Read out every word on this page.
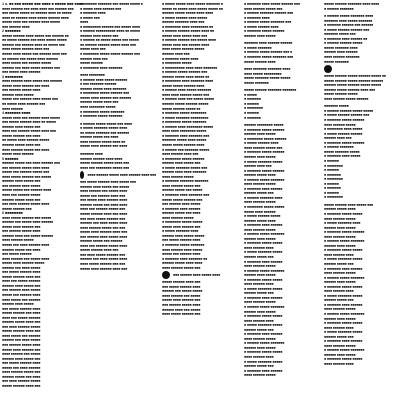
1 a. ■■ ■■■ ■■■■■ ■■■ ■■■■ ■ ■■■■■ ■■■ ■■■■
■■■■ ■■■■■■ ■■■ ■■■■ ■■■■ ■■■ ■■■■■■ ■■■
■■■ ■■■■■ ■■■■■ ■■ ■■■■■■ ■■■■ ■■ ■■■■■
■■■■ ■■ ■■■■■■ ■■■■ ■■■■■ ■■■■■■ ■■■■
■■■■■ ■■■■ ■■■ ■■■■■■ ■■■■ ■■■■■
■■■ ■■■■■■ ■■■■
2 ■■■■■■■
■■■■■ ■■■■■■ ■■■■ ■■■■■ ■■■ ■■■■■■ ■■
■■ ■■■■■ ■■■■■■ ■■■ ■■■■ ■■■■■ ■■■■■
■■■■■■ ■■■ ■■■■■■ ■■■■ ■■ ■■■■■ ■■■
■■■■ ■■■■■ ■■■■■■ ■■■■ ■■■
■■■■■ ■■■■ ■■■■■ ■■■ ■■■■■■ ■■■■ ■■■
■■ ■■■■■■ ■■■ ■■■■■ ■■■■ ■■■■■■
■■■■ ■■■■■ ■■■ ■■■■■■ ■■■■■
■■■■■■ ■■■ ■■■■ ■■■■■ ■■■■■■ ■■■
■■■ ■■■■■ ■■■■ ■■■■■■
3 ■■■■■■■■
■■■■ ■■■■■■ ■■■■ ■■■■■ ■■■ ■■■■■■
■■■■■ ■■■■ ■■■■■■ ■■■ ■■■■
■■■ ■■■■■■ ■■■■■ ■■■■
■■■■■■ ■■■■ ■■■■■
■■■■■ ■■■ ■■■■■■ ■■■■ ■■■■■ ■■■
■■ ■■■■■ ■■■■ ■■■■■■ ■■■
■■■■ ■■■■■■
4 ■■■■■■■ ■■■■
■■■■■ ■■■■ ■■■ ■■■■■■ ■■■■ ■■■■■
■■■ ■■■■■ ■■■■■■ ■■■■ ■■ ■■■■■
■■■■■■ ■■■■ ■■■■■ ■■■
■■■■ ■■■ ■■■■■■ ■■■■■ ■■■■ ■■■
■■■■■ ■■■■■■ ■■■ ■■■■
■■ ■■■■■ ■■■■ ■■■■■■ ■■■■■
■■■■■■ ■■■■■ ■■■■ ■■■
■■■■ ■■■■■■ ■■■■■ ■■■ ■■■■
■■■■■ ■■■■ ■■■■■■
5 ■■■■■■
■■■■■■ ■■■■■ ■■■ ■■■■ ■■■■■■ ■■■
■■■ ■■■■■■ ■■■■■ ■■■■ ■■■■
■■■■■ ■■■ ■■■■■■ ■■■■■ ■■■
■■■■ ■■■■■ ■■■■■■ ■■■ ■■■■■
■■■■■■ ■■■■ ■■■■■ ■■■
■■■ ■■■■■■ ■■■■ ■■■■■
■■■■■ ■■■■■ ■■■ ■■■■■■ ■■■■
■■■■ ■■■ ■■■■■■ ■■■■■
■■■■■■ ■■■■■ ■■■■ ■■■
■■■ ■■■■ ■■■■■■ ■■■■■ ■■■■
■■■■■ ■■■■■■ ■■■
6 ■■■■■■■■
■■■■ ■■■■■ ■■■■■■ ■■■ ■■■■■
■■■■■■ ■■■ ■■■■■ ■■■■ ■■■■■■
■■■■■ ■■■■ ■■■■■■ ■■■
■■■ ■■■■■■ ■■■■■ ■■■■
■■■■■■ ■■■■ ■■■ ■■■■■ ■■■■■■
■■■■ ■■■■■■ ■■■■■
■■■■■ ■■■ ■■■■ ■■■■■■ ■■■■
■■■■■■ ■■■■■ ■■■ ■■■■
■■■ ■■■■■ ■■■■■■
■■■■ ■■■■■■ ■■■ ■■■■■ ■■■■
■■■■■ ■■■■ ■■■■■■ ■■■■■
■■■■■■ ■■■ ■■■■ ■■■■■
■■■ ■■■■■ ■■■■■■ ■■■■
■■■■■ ■■■■■■ ■■■■ ■■■
■■■■ ■■■ ■■■■■ ■■■■■■
■■■■■■ ■■■■ ■■■■■ ■■■
■■■ ■■■■■■ ■■■■ ■■■■■
■■■■■ ■■■ ■■■■■■ ■■■■
■■■■ ■■■■■ ■■■ ■■■■■■
■■■■■■ ■■■■ ■■■■■
■■■ ■■■■■ ■■■■■■ ■■■■
■■■■■ ■■■■■■ ■■■ ■■■■
■■■■ ■■■ ■■■■■ ■■■■■■
■■■■■■ ■■■■■ ■■■■ ■■■
■■■ ■■■■ ■■■■■■ ■■■■■
■■■■■ ■■■■■■ ■■■■ ■■■
■■■■ ■■■■■ ■■■ ■■■■■■
■■■■■■ ■■■ ■■■■ ■■■■■
■■■ ■■■■■■ ■■■■■ ■■■■
■■■■■ ■■■■ ■■■■■■ ■■■
■■■■ ■■■■■■ ■■■ ■■■■■
■■■■■■ ■■■■ ■■■■■ ■■■
■■■ ■■■■■ ■■■■■■ ■■■■
■■■■■ ■■■ ■■■■ ■■■■■■
■■■■ ■■■■■■ ■■■■■ ■■■
■■■■■■ ■■■■■ ■■■ ■■■■
■■■ ■■■■ ■■■■■■ ■■■■■
■■■■■ ■■■■■■ ■■■■ ■■■
■ ■■■■■■■ ■■■■■■■ ■■■ ■■■■■ ■■■■■ ■
■ ■■■■■ ■■■■ ■■■■■■ ■■■
■ ■■■■■■■ ■■■■
■ ■■■■■ ■■■
■■■■
■ ■■■■■■■■■ ■■■■■■ ■■■ ■■■■■ ■■■■
■ ■■■■■■ ■■■■■■■■■■ ■■■■ ■■ ■■■■■
■■■■■■ ■■■■ ■■■■■ ■■■
■ ■■■■■■ ■■ ■■■■■ ■■■■■ ■■■ ■■■■■
■■ ■■■■■■ ■■■■■■ ■■■■■ ■■■■ ■■■
■■■■■ ■■■■ ■■■
■ ■■■■■■■■ ■■■■■ ■■■■■ ■■■■■■ ■■■
■■■■■■ ■■■■ ■■■
■■■■■ ■■■■■■
■ ■■■■■■■■ ■■■■ ■■■■■■■
■■■■ ■■■■■■■■
■ ■■■■■■ ■■■■ ■■■■■ ■■■■■■
■ ■■■ ■■■■■■■ ■■■■■■
■■■■■■ ■■■■■ ■■■■ ■■■■■■■
■ ■■■■■■■■ ■■■■■ ■■■■■■ ■■■
■■■■■ ■■■■ ■■■■■■ ■■■ ■■■■■■
■■■■■■ ■■■■■ ■■■■ ■■■
■■■■ ■■■■■■■■ ■■■■■
■ ■■■■■■■■ ■■■■■ ■■■■■■■
■ ■■■■■■■ ■■■■■ ■■■■■■■
■ ■■■■■■ ■■■■■ ■■■■■ ■■■ ■■■■
■ ■■■■■ ■■■■■■■ ■■■■■ ■■■■
■■ ■■■■■ ■■■■■■■ ■■■ ■■■■■■
■■■■■■ ■■■■■ ■■■ ■■■■
■■■■ ■■■■■■ ■■■■■ ■■■■ ■■
■■■■■ ■■■■ ■■■■■■ ■■■ ■■■■
■■■■■■■ ■■■■
■■■■■■ ■■■■■■ ■■■■ ■■■■
■■■■■ ■■■■■■ ■■■■■ ■■■■ ■■■
■■■■ ■■■ ■■■■■■■■ ■■■■■ ■■■
■■■■ ■■■■■■ ■■■■■ ■■■■ ■■■■■■ ■■■■ ■■■
■■■ ■■■■■ ■■■■■■ ■■■■ ■■■■■ ■■■
■■■■■■ ■■■■ ■■■■■ ■■■ ■■■■■
■■■■ ■■■■■■ ■■■ ■■■■■ ■■■■
■■■■■ ■■■ ■■■■■■ ■■■■ ■■■
■■■ ■■■■■ ■■■■ ■■■■■■ ■■■■
■■■■■■ ■■■■■ ■■■ ■■■■ ■■■■
■■■■ ■■■ ■■■■■■ ■■■■■ ■■■
■■■■■ ■■■■■■ ■■■■ ■■■ ■■■■
■■■ ■■■■ ■■■■■ ■■■■■■ ■■■
■■■■■■ ■■■ ■■■■ ■■■■■ ■■■■
■■■■ ■■■■■■ ■■■■■ ■■■ ■■■
■■■■■ ■■■■ ■■■■■■ ■■■■ ■■■
■■■ ■■■■■■ ■■■■ ■■■■■ ■■■■
■■■■■■ ■■■■■ ■■■ ■■■■■■
■■■■ ■■■ ■■■■■■ ■■■■■ ■■■■
■■■■■ ■■■■■■ ■■■■ ■■■
■■■ ■■■■ ■■■■■ ■■■■■■ ■■■
■■■■■■ ■■■ ■■■■ ■■■■■ ■■■■
■■■■ ■■■■■ ■■■■■■ ■■■ ■■■
■■■■■ ■■■■ ■■■■■■ ■■■■ ■■■
■ ■■■■■ ■■■■■ ■■■■ ■■■■■ ■■■■■■■ ■
■■■■■ ■■ ■■■■■ ■■■■ ■■■■■ ■■■■■ ■■
■■■■■■ ■■■■■ ■■■■■ ■■■■ ■■■■
■ ■■■■■ ■■■■■■ ■■■■ ■■■■■
■■■■■■ ■■■■■■■ ■■■■ ■■■
■ ■■■■■■■■ ■■■■ ■■■■■■■■■ ■■
■ ■■■■■■ ■■■■■■ ■■■■■ ■■■■ ■■
■■■■■ ■■■■ ■■■■■ ■■■■ ■■■
■ ■■■■■■ ■■■■■■ ■■■ ■■■■■ ■■■■
■■■■■ ■■■■ ■■■ ■■■■■■ ■■■■
■■■■ ■■■■■ ■■■■■■ ■■■■■
■■■■■■ ■■■■ ■■■
■ ■■■■■■■ ■■■■■ ■■■■
■ ■■■■■■■■ ■■■■■
■ ■■■■■■■■■■ ■■■■ ■■■■ ■■■■■■■
■ ■■■■■■ ■■■■■ ■■■■■■ ■■■
■■■■■■ ■■■■■ ■■■■ ■■■■■ ■■
■ ■■■■■■■■ ■■■■ ■■■■■■■ ■■■■
■■■■■ ■■■■■ ■■■■■■ ■■■■
■ ■■■■■■ ■■■■ ■■■■■ ■■■■■■■
■■■■ ■■■■ ■■■■■■ ■■■■■ ■■■
■ ■■■■■■ ■■■■ ■■■ ■■■■■ ■■■■■
■■■■■■ ■■■■■ ■■■■■■ ■■■■■
■■■■■ ■■■■■■ ■■■■■ ■■
■ ■■■■■■■ ■■■■■ ■■■■■■■■
■ ■■■■■ ■■■■■■■ ■■■■■■■■■
■ ■■■■■■■■ ■■■■■ ■■■■■■■
■ ■■■■■■ ■■■■ ■■■■■■■■ ■■■■■
■■■■ ■■■■ ■■■■■■■■ ■■■■■
■ ■■■■■■■ ■■■■ ■■■■■■■ ■■■
■■■■■■■ ■■■■■ ■■■■ ■■■■■
■■■■■ ■■■■■ ■■■■■■ ■■■■
■ ■■■■■■ ■■■ ■■■■■■■ ■■■■■
■■■■ ■■■■■■ ■■■■ ■■■
■ ■■■■■■■■ ■■■■■ ■■■■■■
■■■■■■ ■■■■ ■■■■■ ■■■
■ ■■■■■ ■■■■■■■ ■■■■■ ■■■
■■■■■■ ■■■■ ■■■■ ■■■■■■■
■■■■ ■■■■■■ ■■■■■
■ ■■■■■■■ ■■■■■■■ ■■■■■■■
■■■■ ■■■■■■ ■■■■■ ■■■
■■■■■■ ■■■■■ ■■■ ■■■■■
■ ■■■■■■■ ■■■■ ■■■■■■■ ■■■
■■■■■ ■■■■■ ■■■■■■ ■■■
■■■ ■■■■■■ ■■■■ ■■■■■
■ ■■■■■■■ ■■■■ ■■■■■■
■■■■■■ ■■■■■ ■■■ ■■■■
■■■■ ■■■■■■ ■■■■■
■ ■■■■■■■■ ■■■■■ ■■■■■
■■■■■ ■■■■ ■■■■■■ ■■■
■ ■■■■■ ■■■■■■■ ■■■■
■■■■■■ ■■■■ ■■■■■ ■■■■■
■■■ ■■■■■ ■■■■■■ ■■■■
■ ■■■■■■■ ■■■■■ ■■■■■■■
■■■■ ■■■■■■ ■■■■ ■■■■■
■■■■■ ■■■ ■■■■■■ ■■■■
■ ■■■■■■■ ■■■■ ■■■■■■■ ■■
■■■■■■ ■■■■■ ■■■■ ■■■■
■■■■ ■■■■■■ ■■■■■ ■■■
■■■ ■■■■■■ ■■■■ ■■■■■ ■■■■
■■■■■ ■■■■■■ ■■■■ ■■■
■■■ ■■■■■ ■■■■■■ ■■■■
■■■■■■ ■■■ ■■■■■ ■■■■■
■■■■ ■■■■■■ ■■■ ■■■■■
■■■■■ ■■■■ ■■■■■■ ■■■
■■■ ■■■■■■ ■■■■■ ■■■■
■■■■■■ ■■■■ ■■■ ■■■■■
■■■■ ■■■■■ ■■■■■■ ■■■
■ ■■■■■■■ ■■■■ ■■■■■ ■■■■■■ ■■■
■■■■ ■■■■■■ ■■■■■ ■■■
■ ■■■■■■ ■■■■■■■ ■■■■■■ ■■■
■ ■■■■■■■ ■■■■
■ ■■■■■■ ■■■■■ ■■■■■■■ ■■■
■ ■■■■■ ■■■■■■ ■■■■
■ ■■■■■■■ ■■■■■ ■■■■■■
■■■■■■ ■■■■ ■■■■■
■■■■■■■ ■■■■ ■■■■■■ ■■■■■■
■ ■■■■■ ■■■■■■■
■ ■■■■■■ ■■■■■ ■■■■■■ ■■■ ■
■ ■■■■■■■ ■■■■■ ■■■■■■■ ■■■
■■■■■ ■■■■■■ ■■■■
■■■■ ■■■■■■■ ■■■■■■■ ■■■■
■■■■ ■■■■■ ■■■■■■■■■
■■■■■ ■■■■■■■ ■■■■■ ■■■■■
■■■■■ ■■■■■■■
■■■■■ ■■■■■■ ■■■■■■■ ■■■■■■■
■ ■■■■■
■ ■■■■■■■
■ ■■■■■■
■ ■■■■■■■■
■ ■■■■■■
■ ■■■■■■■
■■■■■■ ■■■■■■■■ ■■■■■
■ ■■■■■■■ ■■■■■ ■■■■■■
■■■■■■ ■■■■ ■■■■■
■ ■■■■■■■■ ■■■■■ ■■■■■■
■ ■■■■■ ■■■■■■ ■■■■
■■■■ ■■■■■■ ■■■■■ ■■■
■ ■■■■■■■ ■■■■■ ■■■■■■
■■■■■■ ■■■■ ■■■■■
■ ■■■■■ ■■■■■■■ ■■■■■
■■■■■■ ■■■■ ■■■
■ ■■■■■■■ ■■■■■ ■■■■■■
■■■■■■ ■■■■■ ■■■■
■ ■■■■■■ ■■■■■ ■■■■■■■
■■■■ ■■■■■■ ■■■■■
■ ■■■■■■■ ■■■■ ■■■■■■
■■■■■■ ■■■■■ ■■■
■ ■■■■■■ ■■■■■■■ ■■■■
■■■■ ■■■■■■ ■■■■■
■ ■■■■■■■■ ■■■■■ ■■■■■
■■■■■ ■■■■ ■■■■■■
■ ■■■■■ ■■■■■■ ■■■■■
■■■■■■ ■■■■■ ■■■■
■ ■■■■■■■ ■■■■ ■■■■■■
■■■■ ■■■■■■ ■■■■■
■ ■■■■■■ ■■■■■ ■■■■■■■
■■■■■■ ■■■■ ■■■■■
■ ■■■■■■■ ■■■■■ ■■■■■
■■■■ ■■■■■■ ■■■■
■ ■■■■■ ■■■■■■■ ■■■■■
■■■■■■ ■■■■■ ■■■
■ ■■■■■■■ ■■■■ ■■■■■■
■■■■ ■■■■■■ ■■■■■
■ ■■■■■■ ■■■■■ ■■■■■■■
■■■■■■ ■■■■ ■■■■■
■ ■■■■■■■ ■■■■■ ■■■■■
■■■■ ■■■■■■ ■■■■
■ ■■■■■ ■■■■■■■ ■■■■■
■■■■■■ ■■■■■ ■■■
■ ■■■■■■■ ■■■■ ■■■■■■
■■■■ ■■■■■■ ■■■■■
■ ■■■■■■ ■■■■■ ■■■■■■■
■■■■■■ ■■■■ ■■■■■
■ ■■■■■■■ ■■■■■ ■■■■■
■■■■ ■■■■■■ ■■■■
■ ■■■■■ ■■■■■■■ ■■■■■
■■■■■■ ■■■■■ ■■■
■ ■■■■■■■ ■■■■ ■■■■■■
■■■■ ■■■■■■ ■■■■■
■ ■■■■■■ ■■■■■ ■■■■■■■
■■■■■■ ■■■■ ■■■■■
■ ■■■■■■■ ■■■■■ ■■■■■
■■■■ ■■■■■■ ■■■■
■ ■■■■■ ■■■■■■■ ■■■■■
■■■■■■ ■■■■■ ■■■
■ ■■■■■■■ ■■■■ ■■■■■■
■■■■ ■■■■■■ ■■■■■
■■■■■ ■■■■■■ ■■■■■■■ ■■■■ ■■■■
■ ■■■■■■ ■■■■■■■
■ ■■■■■■ ■■■■■ ■■■■■■■ ■■■■
■■■■■■■ ■■■■ ■■■■■ ■■■■■■■
■ ■■■■■■■ ■■■■■■ ■■■ ■■■■■■
■ ■■■■■ ■■■■■■ ■■■■■■ ■■■
■■■■■■■ ■■■■■ ■■■
■ ■■■■■■■ ■■■■ ■■■■■■ ■■
■ ■■■■■■ ■■■■■■ ■■■■■
■■■■■ ■■■■■■■ ■■■■
■■■■■■ ■■■■ ■■■■■■
■■■■ ■■■■■■ ■■■■■■■
■■■■■ ■■■■■■■
■■■■■ ■■■■■■ ■■■■■ ■■■■■■ ■■■■■ ■■
■■■■■ ■■■■■■ ■■■■■ ■■■■■■ ■■■■■■
■■■■■■ ■■■■■ ■■■■■■ ■■■■■ ■■■■■
■■■■■■ ■■■■■ ■■■■■■ ■■■■ ■■■
■■■■■ ■■■■■■ ■■■■■
■■■■ ■■■■■■ ■■■■■ ■■■■■■
■■■■■■■ ■■■■■
■ ■■■■■■ ■■■■■■ ■■■■■ ■■■■■
■ ■■■■■ ■■■■■■ ■■■■■■ ■■■
■ ■■■■■■■ ■■■■■ ■■■■■■
■■■■ ■■■■■■ ■■■■■
■ ■■■■■■■■ ■■■■ ■■■■■
■ ■■■■■ ■■■■■■ ■■■■■■
■■■■■■ ■■■■ ■■■
■ ■■■■■■■ ■■■■■ ■■■■■■
■ ■■■■■■ ■■■■■■■
■■■■■ ■■■■■■■ ■■■■■
■ ■■■■■■■ ■■■■ ■■■■■
■ ■■■■■■
■ ■■■■■■■■
■ ■■■■■■
■ ■■■■■■■
■ ■■■■■■■■
■ ■■■■■■
■ ■■■■■■■
■ ■■■■■■
■ ■■■■■■■■
■■■■■ ■■■■■■ ■■■■ ■■■■■ ■■■
■■■■■■ ■■■■■ ■■■■
■ ■■■■■■■ ■■■■■ ■■■■■
■■■■ ■■■■■■ ■■■■■
■ ■■■■■ ■■■■■■■ ■■■■
■■■■■■ ■■■■ ■■■■■
■ ■■■■■■■ ■■■■■ ■■■■■■
■■■■ ■■■■■■ ■■■■■
■ ■■■■■■ ■■■■■ ■■■■■■■
■■■■■■ ■■■■ ■■■■■
■ ■■■■■■■ ■■■■■ ■■■■■
■■■■ ■■■■■■ ■■■■
■ ■■■■■ ■■■■■■■ ■■■■■
■■■■■■ ■■■■■ ■■■
■ ■■■■■■■ ■■■■ ■■■■■■
■■■■ ■■■■■■ ■■■■■
■ ■■■■■■ ■■■■■ ■■■■■■■
■■■■■■ ■■■■ ■■■■■
■ ■■■■■■■ ■■■■■ ■■■■■
■■■■ ■■■■■■ ■■■■
■ ■■■■■ ■■■■■■■ ■■■■■
■■■■■■ ■■■■■ ■■■
■ ■■■■■■■ ■■■■ ■■■■■■
■■■■ ■■■■■■ ■■■■■
■ ■■■■■■ ■■■■■ ■■■■■■■
■■■■■■ ■■■■ ■■■■■
■ ■■■■■■■ ■■■■■ ■■■■■
■■■■ ■■■■■■ ■■■■
■ ■■■■■ ■■■■■■■ ■■■■■
■■■■■■ ■■■■■ ■■■
■ ■■■■■■■ ■■■■ ■■■■■■
■■■■ ■■■■■■ ■■■■■
■ ■■■■■■ ■■■■■ ■■■■■■■
■■■■■■ ■■■■ ■■■■■
■ ■■■■■■■ ■■■■■ ■■■■■
■■■■ ■■■■■■ ■■■■
